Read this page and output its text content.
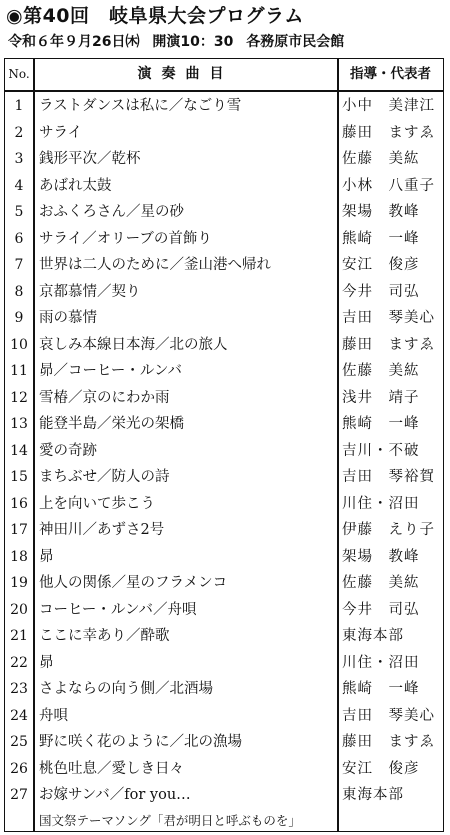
◉第40回　岐阜県大会プログラム
令和６年９月26日㈭ 開演10：30 各務原市民会館
No.	演奏曲目	指導・代表者
1	ラストダンスは私に／なごり雪	小中　美津江
2	サライ	藤田　ますゑ
3	銭形平次／乾杯	佐藤　美紘
4	あばれ太鼓	小林　八重子
5	おふくろさん／星の砂	架場　教峰
6	サライ／オリーブの首飾り	熊崎　一峰
7	世界は二人のために／釜山港へ帰れ	安江　俊彦
8	京都慕情／契り	今井　司弘
9	雨の慕情	吉田　琴美心
10 哀しみ本線日本海／北の旅人	藤田　ますゑ
11 昴／コーヒー・ルンバ	佐藤　美紘
12 雪椿／京のにわか雨	浅井　靖子
13 能登半島／栄光の架橋	熊崎　一峰
14 愛の奇跡	吉川・不破
15 まちぶせ／防人の詩	吉田　琴裕賀
16 上を向いて歩こう	川住・沼田
17 神田川／あずさ2号	伊藤　えり子
18 昴	架場　教峰
19 他人の関係／星のフラメンコ	佐藤　美紘
20 コーヒー・ルンバ／舟唄	今井　司弘
21 ここに幸あり／酔歌	東海本部
22 昴	川住・沼田
23 さよならの向う側／北酒場	熊崎　一峰
24 舟唄	吉田　琴美心
25 野に咲く花のように／北の漁場	藤田　ますゑ
26 桃色吐息／愛しき日々	安江　俊彦
27 お嫁サンバ／for you…	東海本部
国文祭テーマソング「君が明日と呼ぶものを」
